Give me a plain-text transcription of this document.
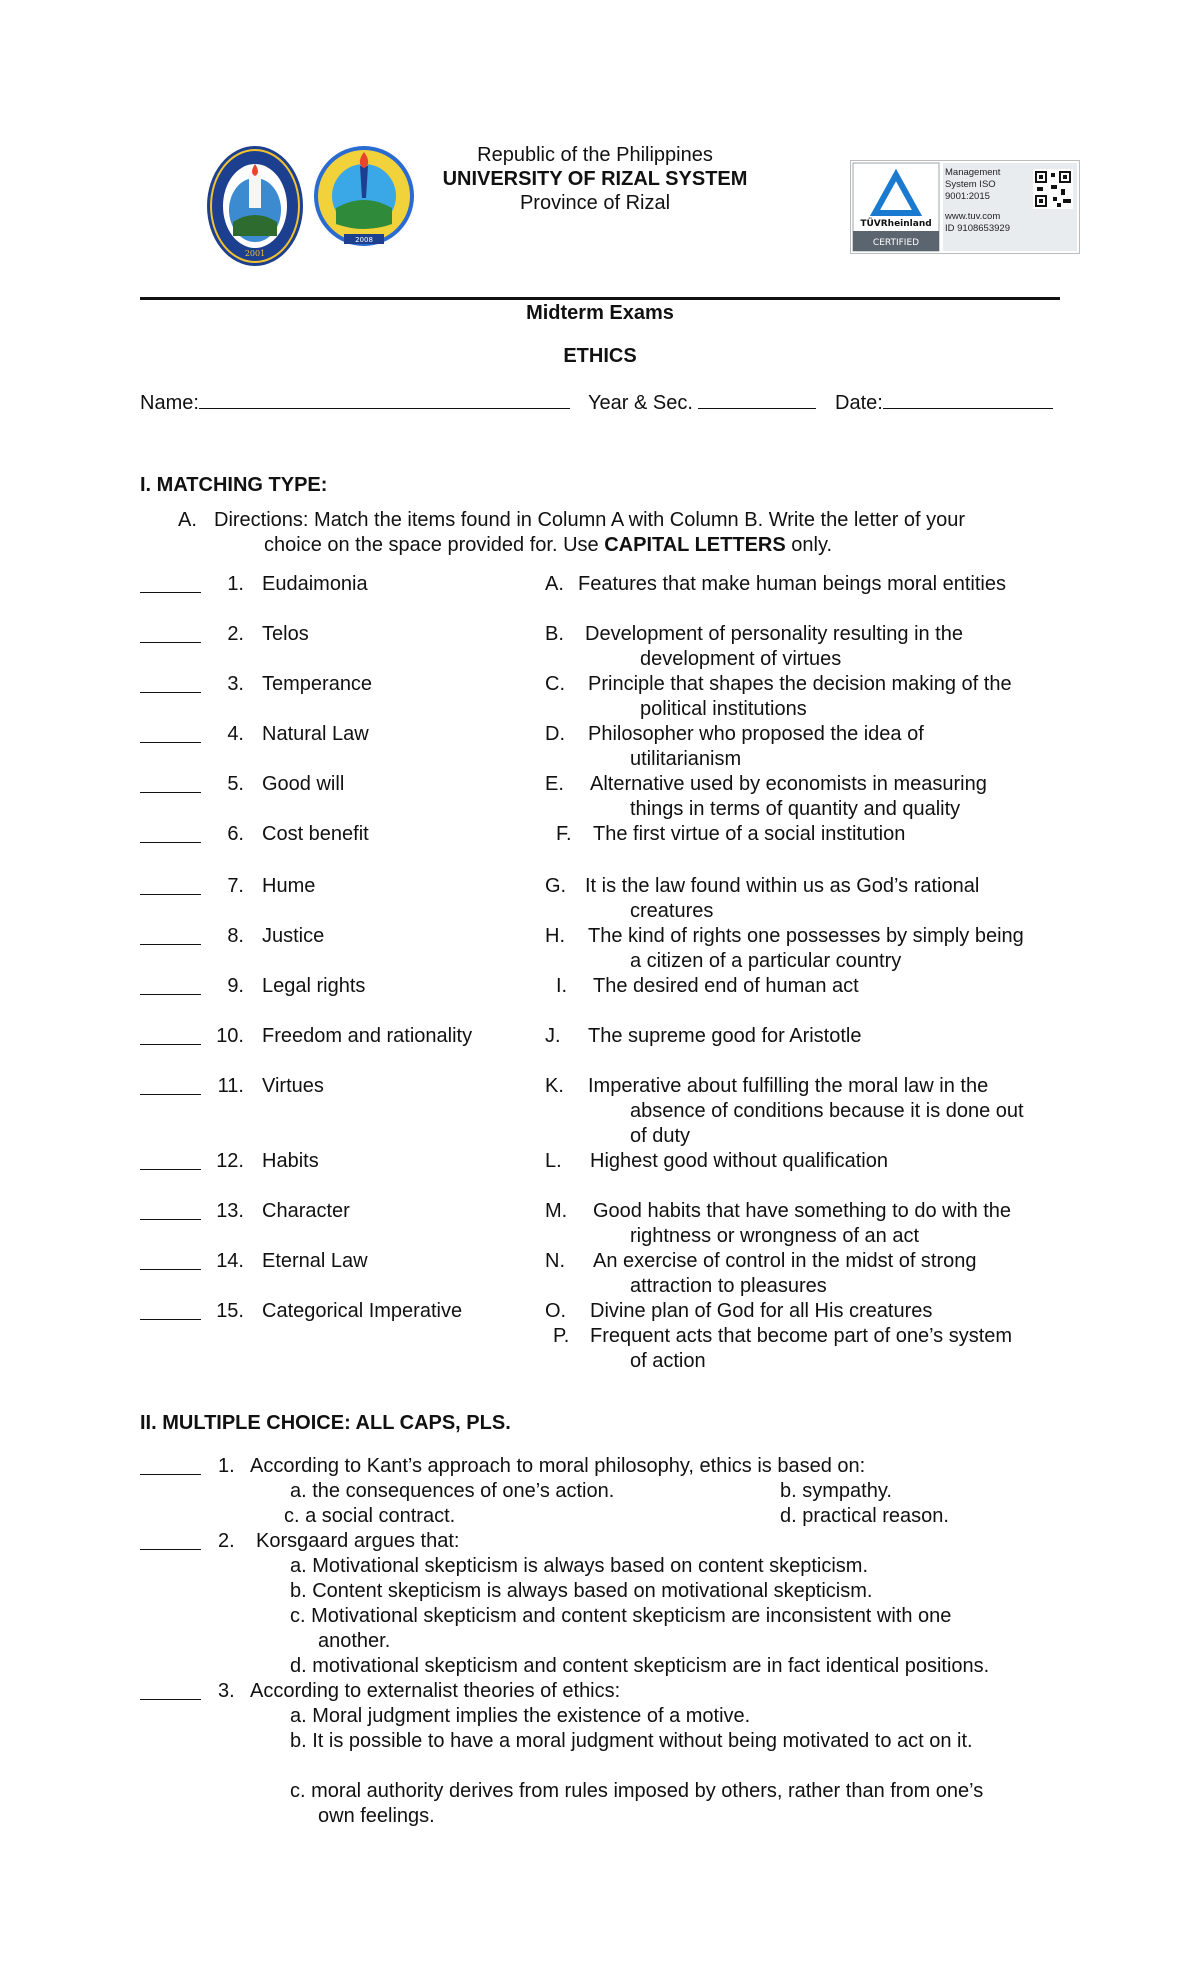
2001
2008
Republic of the Philippines
UNIVERSITY OF RIZAL SYSTEM
Province of Rizal
TÜVRheinland
CERTIFIED
Management System ISO 9001:2015
www.tuv.com
ID 9108653929
Midterm Exams
ETHICS
Name:	Year & Sec.	Date:
I. MATCHING TYPE:
A. Directions: Match the items found in Column A with Column B. Write the letter of your
choice on the space provided for. Use CAPITAL LETTERS only.
1. Eudaimonia	A. Features that make human beings moral entities
2. Telos	B.	Development of personality resulting in the
development of virtues
3. Temperance	C.	Principle that shapes the decision making of the
political institutions
4. Natural Law	D.	Philosopher who proposed the idea of
utilitarianism
5. Good will	E.	Alternative used by economists in measuring
things in terms of quantity and quality
6. Cost benefit	F.	The first virtue of a social institution
7. Hume	G. It is the law found within us as God’s rational
creatures
8. Justice	H.	The kind of rights one possesses by simply being
a citizen of a particular country
9. Legal rights	I.	The desired end of human act
10. Freedom and rationality	J.	The supreme good for Aristotle
11. Virtues	K.	Imperative about fulfilling the moral law in the
absence of conditions because it is done out
of duty
12. Habits	L.	Highest good without qualification
13. Character	M.	Good habits that have something to do with the
rightness or wrongness of an act
14. Eternal Law	N.	An exercise of control in the midst of strong
attraction to pleasures
15. Categorical Imperative	O.	Divine plan of God for all His creatures
P.	Frequent acts that become part of one’s system
of action
II. MULTIPLE CHOICE: ALL CAPS, PLS.
1. According to Kant’s approach to moral philosophy, ethics is based on:
a. the consequences of one’s action.	b. sympathy.
c. a social contract.	d. practical reason.
2. Korsgaard argues that:
a. Motivational skepticism is always based on content skepticism.
b. Content skepticism is always based on motivational skepticism.
c. Motivational skepticism and content skepticism are inconsistent with one
another.
d. motivational skepticism and content skepticism are in fact identical positions.
3. According to externalist theories of ethics:
a. Moral judgment implies the existence of a motive.
b. It is possible to have a moral judgment without being motivated to act on it.
c. moral authority derives from rules imposed by others, rather than from one’s
own feelings.
